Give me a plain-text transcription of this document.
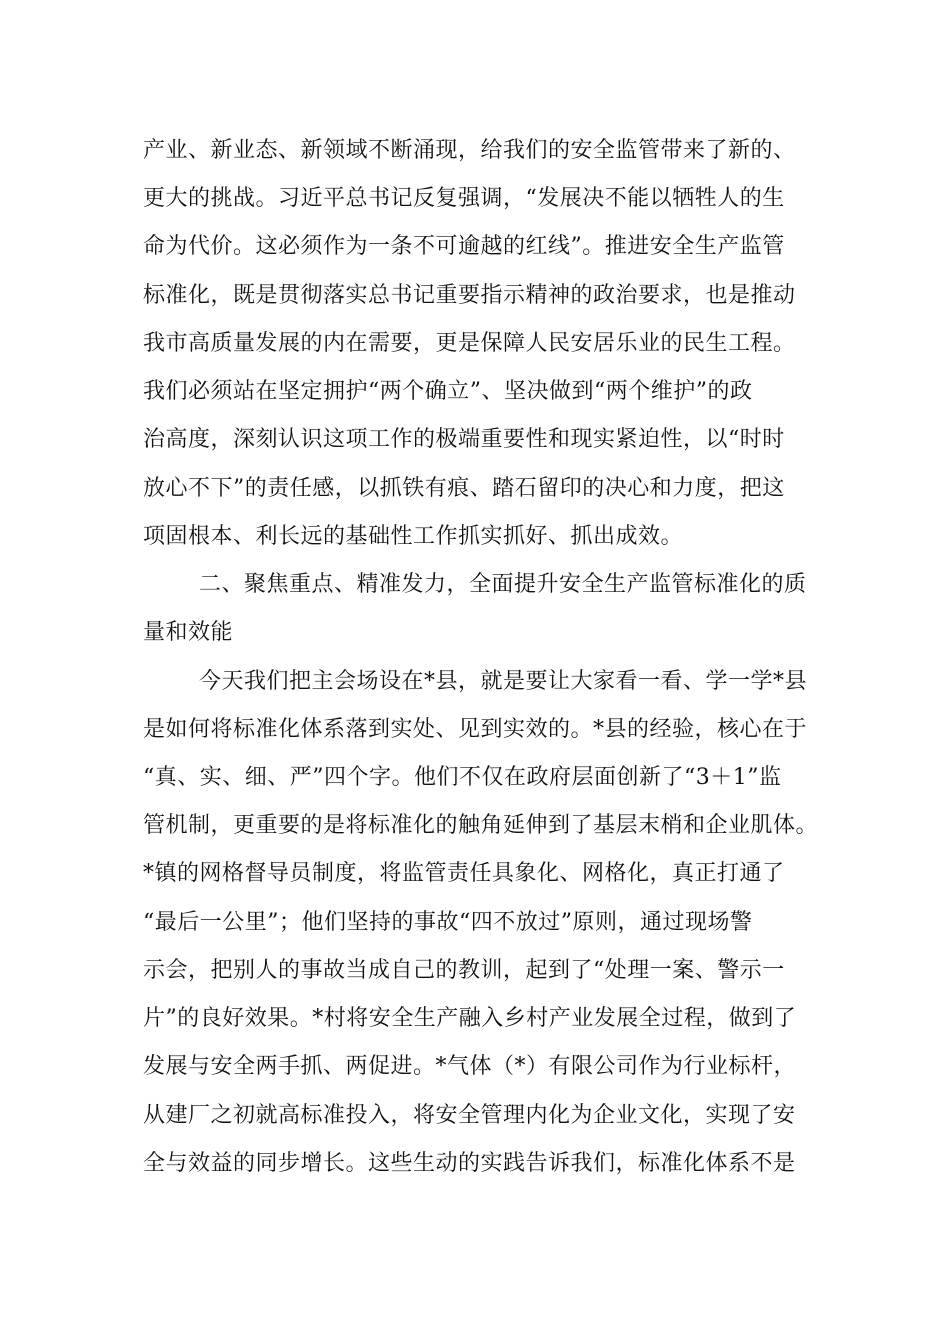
产业、新业态、新领域不断涌现，给我们的安全监管带来了新的、
更大的挑战。习近平总书记反复强调，“发展决不能以牺牲人的生
命为代价。这必须作为一条不可逾越的红线”。推进安全生产监管
标准化，既是贯彻落实总书记重要指示精神的政治要求，也是推动
我市高质量发展的内在需要，更是保障人民安居乐业的民生工程。
我们必须站在坚定拥护“两个确立”、坚决做到“两个维护”的政
治高度，深刻认识这项工作的极端重要性和现实紧迫性，以“时时
放心不下”的责任感，以抓铁有痕、踏石留印的决心和力度，把这
项固根本、利长远的基础性工作抓实抓好、抓出成效。
二、聚焦重点、精准发力，全面提升安全生产监管标准化的质
量和效能
今天我们把主会场设在*县，就是要让大家看一看、学一学*县
是如何将标准化体系落到实处、见到实效的。*县的经验，核心在于
“真、实、细、严”四个字。他们不仅在政府层面创新了“3＋1”监
管机制，更重要的是将标准化的触角延伸到了基层末梢和企业肌体。
*镇的网格督导员制度，将监管责任具象化、网格化，真正打通了
“最后一公里”；他们坚持的事故“四不放过”原则，通过现场警
示会，把别人的事故当成自己的教训，起到了“处理一案、警示一
片”的良好效果。*村将安全生产融入乡村产业发展全过程，做到了
发展与安全两手抓、两促进。*气体（*）有限公司作为行业标杆，
从建厂之初就高标准投入，将安全管理内化为企业文化，实现了安
全与效益的同步增长。这些生动的实践告诉我们，标准化体系不是
